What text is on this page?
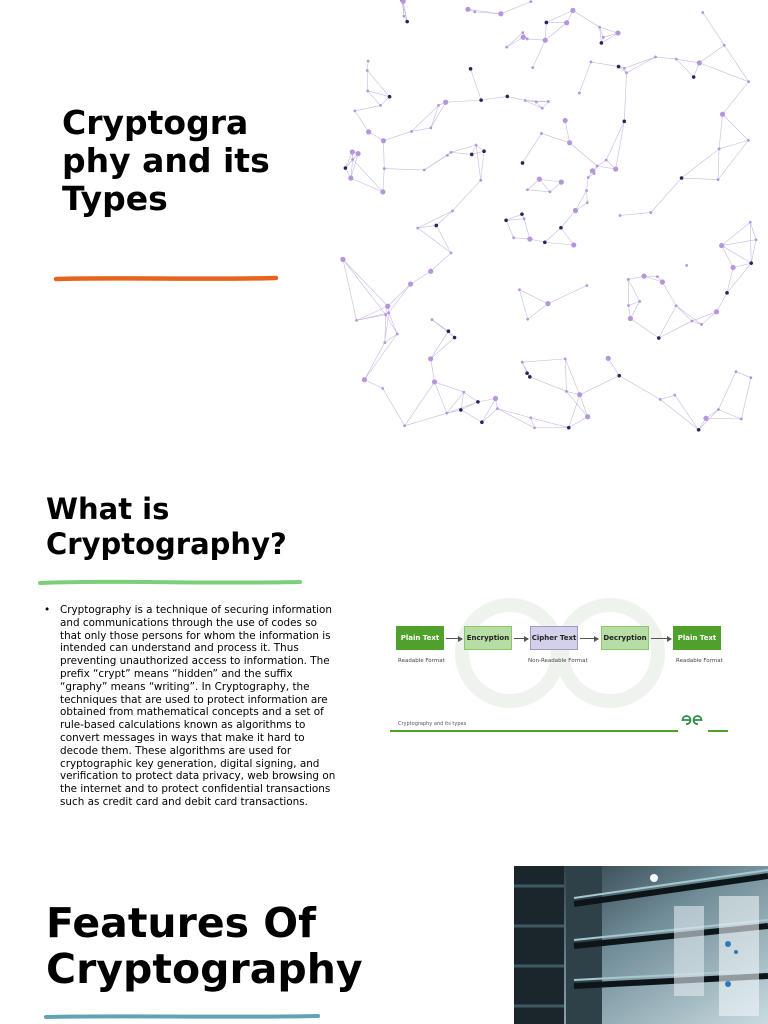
Cryptogra phy and its Types
What is Cryptography?
• Cryptography is a technique of securing information and communications through the use of codes so that only those persons for whom the information is intended can understand and process it. Thus preventing unauthorized access to information. The prefix “crypt” means “hidden” and the suffix “graphy” means “writing”. In Cryptography, the techniques that are used to protect information are obtained from mathematical concepts and a set of rule-based calculations known as algorithms to convert messages in ways that make it hard to decode them. These algorithms are used for cryptographic key generation, digital signing, and verification to protect data privacy, web browsing on the internet and to protect confidential transactions such as credit card and debit card transactions.
Plain Text	Encryption	Cipher Text	Decryption	Plain Text
Readable Format	Non-Readable Format	Readable Format
Cryptography and its types
Features Of Cryptography
